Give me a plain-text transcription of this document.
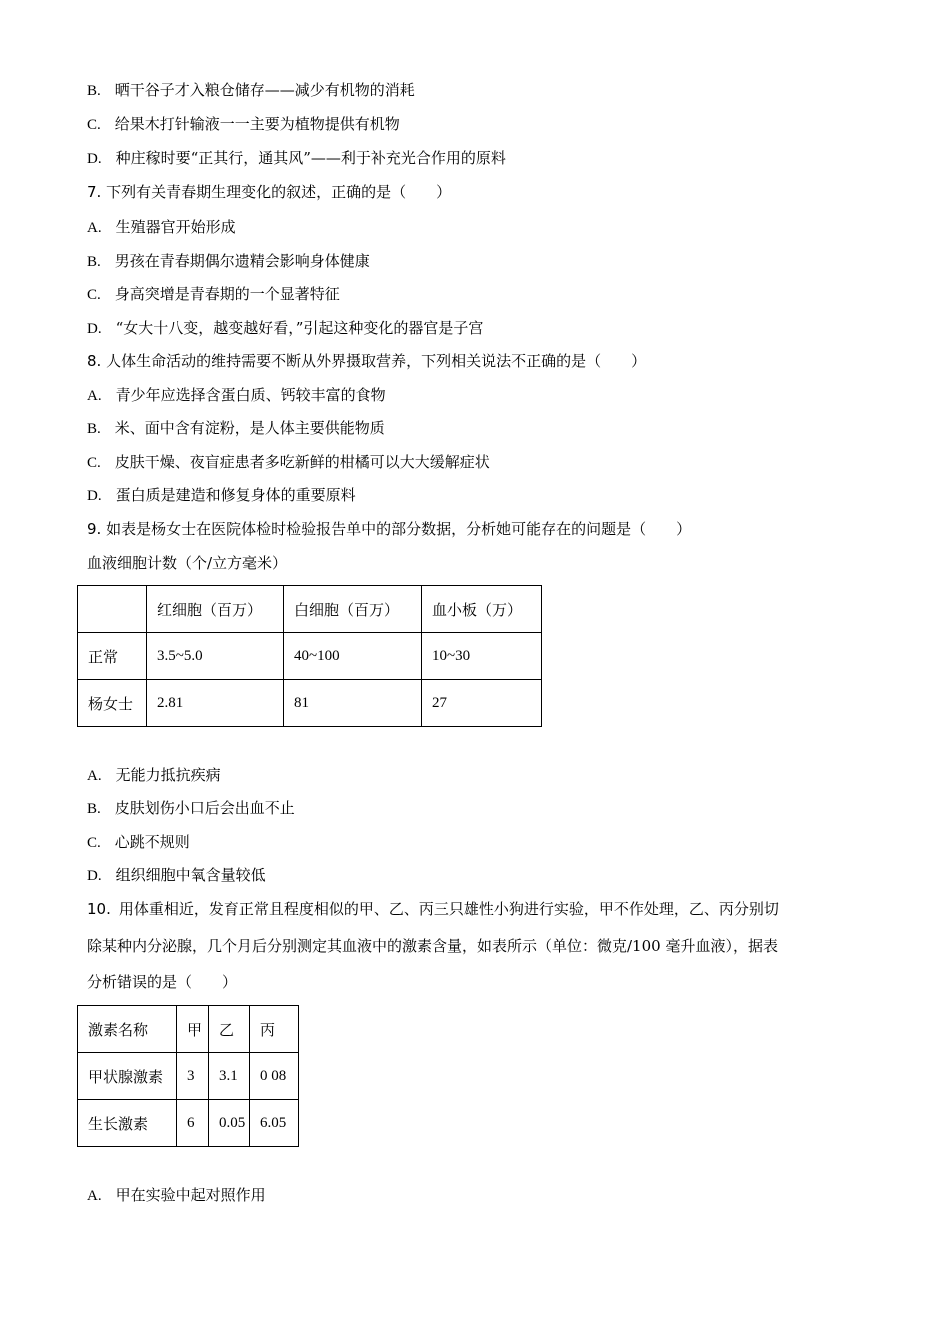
B. 晒干谷子才入粮仓储存——减少有机物的消耗
C. 给果木打针输液一一主要为植物提供有机物
D. 种庄稼时要“正其行，通其风”——利于补充光合作用的原料
7. 下列有关青春期生理变化的叙述，正确的是（　　）
A. 生殖器官开始形成
B. 男孩在青春期偶尔遗精会影响身体健康
C. 身高突增是青春期的一个显著特征
D. “女大十八变，越变越好看，”引起这种变化的器官是子宫
8. 人体生命活动的维持需要不断从外界摄取营养，下列相关说法不正确的是（　　）
A. 青少年应选择含蛋白质、钙较丰富的食物
B. 米、面中含有淀粉，是人体主要供能物质
C. 皮肤干燥、夜盲症患者多吃新鲜的柑橘可以大大缓解症状
D. 蛋白质是建造和修复身体的重要原料
9. 如表是杨女士在医院体检时检验报告单中的部分数据，分析她可能存在的问题是（　　）
血液细胞计数（个/立方毫米）
	红细胞（百万）	白细胞（百万）	血小板（万）
正常	3.5~5.0	40~100	10~30
杨女士	2.81	81	27
A. 无能力抵抗疾病
B. 皮肤划伤小口后会出血不止
C. 心跳不规则
D. 组织细胞中氧含量较低
10. 用体重相近，发育正常且程度相似的甲、乙、丙三只雄性小狗进行实验，甲不作处理，乙、丙分别切
除某种内分泌腺，几个月后分别测定其血液中的激素含量，如表所示（单位：微克/100 毫升血液），据表
分析错误的是（　　）
激素名称	甲	乙	丙
甲状腺激素	3	3.1	0 08
生长激素	6	0.05	6.05
A. 甲在实验中起对照作用
